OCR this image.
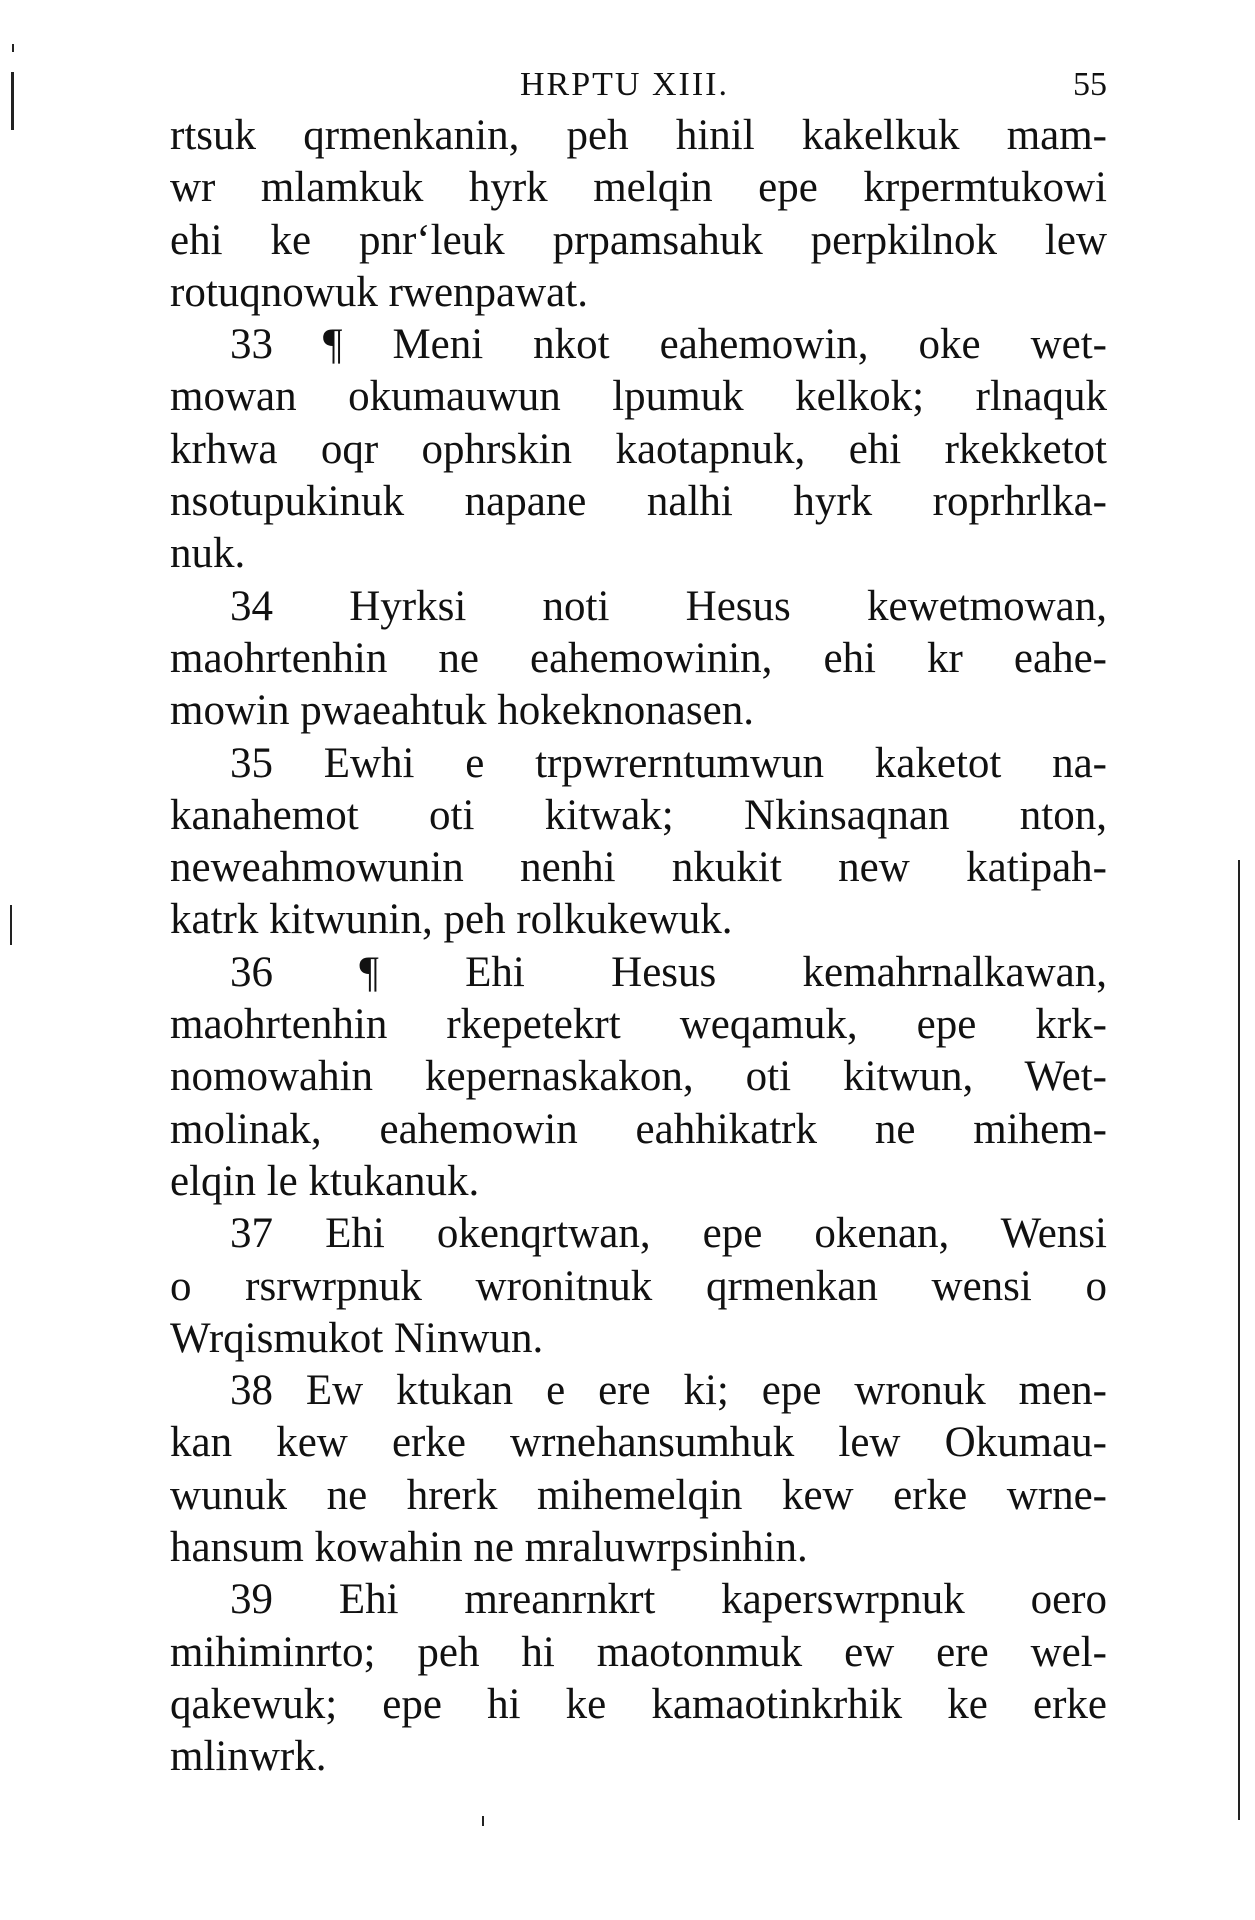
HRPTU XIII.	55
rtsuk qrmenkanin, peh hinil kakelkuk mam-
wr mlamkuk hyrk melqin epe krpermtukowi
ehi ke pnr‘leuk prpamsahuk perpkilnok lew
rotuqnowuk rwenpawat.
33 ¶ Meni nkot eahemowin, oke wet-
mowan okumauwun lpumuk kelkok; rlnaquk
krhwa oqr ophrskin kaotapnuk, ehi rkekketot
nsotupukinuk napane nalhi hyrk roprhrlka-
nuk.
34 Hyrksi noti Hesus kewetmowan,
maohrtenhin ne eahemowinin, ehi kr eahe-
mowin pwaeahtuk hokeknonasen.
35 Ewhi e trpwrerntumwun kaketot na-
kanahemot oti kitwak; Nkinsaqnan nton,
neweahmowunin nenhi nkukit new katipah-
katrk kitwunin, peh rolkukewuk.
36 ¶ Ehi Hesus kemahrnalkawan,
maohrtenhin rkepetekrt weqamuk, epe krk-
nomowahin kepernaskakon, oti kitwun, Wet-
molinak, eahemowin eahhikatrk ne mihem-
elqin le ktukanuk.
37 Ehi okenqrtwan, epe okenan, Wensi
o rsrwrpnuk wronitnuk qrmenkan wensi o
Wrqismukot Ninwun.
38 Ew ktukan e ere ki; epe wronuk men-
kan kew erke wrnehansumhuk lew Okumau-
wunuk ne hrerk mihemelqin kew erke wrne-
hansum kowahin ne mraluwrpsinhin.
39 Ehi mreanrnkrt kaperswrpnuk oero
mihiminrto; peh hi maotonmuk ew ere wel-
qakewuk; epe hi ke kamaotinkrhik ke erke
mlinwrk.
